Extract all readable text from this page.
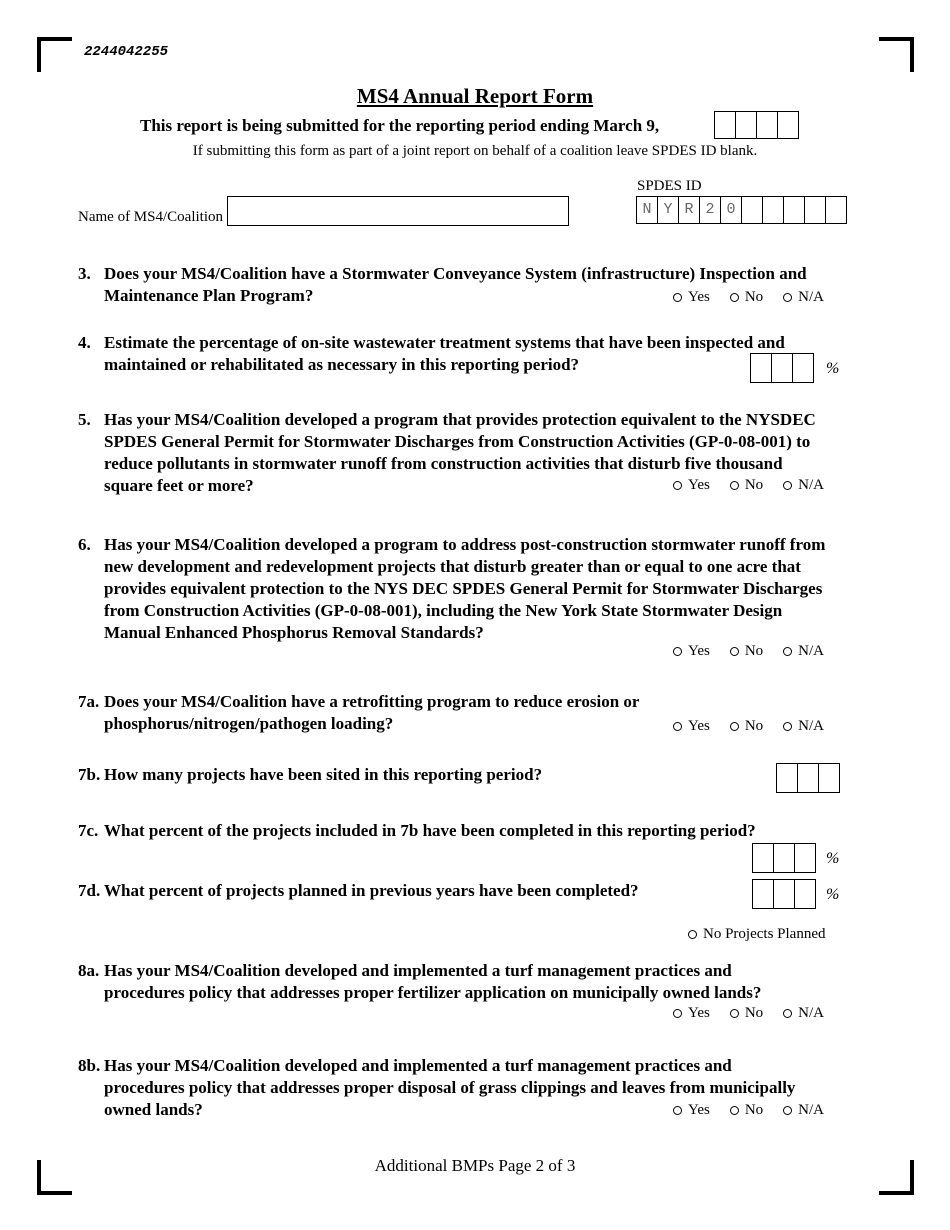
2244042255
MS4 Annual Report Form
This report is being submitted for the reporting period ending March 9,
If submitting this form as part of a joint report on behalf of a coalition leave SPDES ID blank.
SPDES ID
N Y R 2 0
Name of MS4/Coalition
3. Does your MS4/Coalition have a Stormwater Conveyance System (infrastructure) Inspection and Maintenance Plan Program?	Yes No N/A
4. Estimate the percentage of on-site wastewater treatment systems that have been inspected and maintained or rehabilitated as necessary in this reporting period?	%
5. Has your MS4/Coalition developed a program that provides protection equivalent to the NYSDEC SPDES General Permit for Stormwater Discharges from Construction Activities (GP-0-08-001) to reduce pollutants in stormwater runoff from construction activities that disturb five thousand square feet or more?	Yes No N/A
6. Has your MS4/Coalition developed a program to address post-construction stormwater runoff from new development and redevelopment projects that disturb greater than or equal to one acre that provides equivalent protection to the NYS DEC SPDES General Permit for Stormwater Discharges from Construction Activities (GP-0-08-001), including the New York State Stormwater Design Manual Enhanced Phosphorus Removal Standards?
Yes No N/A
7a. Does your MS4/Coalition have a retrofitting program to reduce erosion or phosphorus/nitrogen/pathogen loading?	Yes No N/A
7b. How many projects have been sited in this reporting period?
7c. What percent of the projects included in 7b have been completed in this reporting period?
%
7d. What percent of projects planned in previous years have been completed?	%
No Projects Planned
8a. Has your MS4/Coalition developed and implemented a turf management practices and procedures policy that addresses proper fertilizer application on municipally owned lands?
Yes No N/A
8b. Has your MS4/Coalition developed and implemented a turf management practices and procedures policy that addresses proper disposal of grass clippings and leaves from municipally owned lands?	Yes No N/A
Additional BMPs Page 2 of 3
